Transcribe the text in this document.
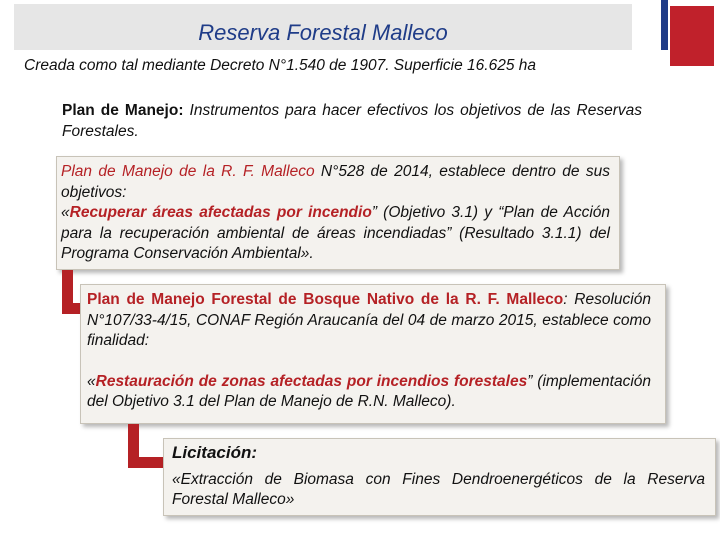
Reserva Forestal Malleco
Creada como tal mediante Decreto N°1.540 de 1907. Superficie 16.625 ha
Plan de Manejo: Instrumentos para hacer efectivos los objetivos de las Reservas Forestales.
Plan de Manejo de la R. F. Malleco N°528 de 2014, establece dentro de sus objetivos:
«Recuperar áreas afectadas por incendio” (Objetivo 3.1) y “Plan de Acción para la recuperación ambiental de áreas incendiadas” (Resultado 3.1.1) del Programa Conservación Ambiental».
Plan de Manejo Forestal de Bosque Nativo de la R. F. Malleco: Resolución N°107/33-4/15, CONAF Región Araucanía del 04 de marzo 2015, establece como finalidad:
«Restauración de zonas afectadas por incendios forestales” (implementación del Objetivo 3.1 del Plan de Manejo de R.N. Malleco).
Licitación:
«Extracción de Biomasa con Fines Dendroenergéticos de la Reserva Forestal Malleco»
